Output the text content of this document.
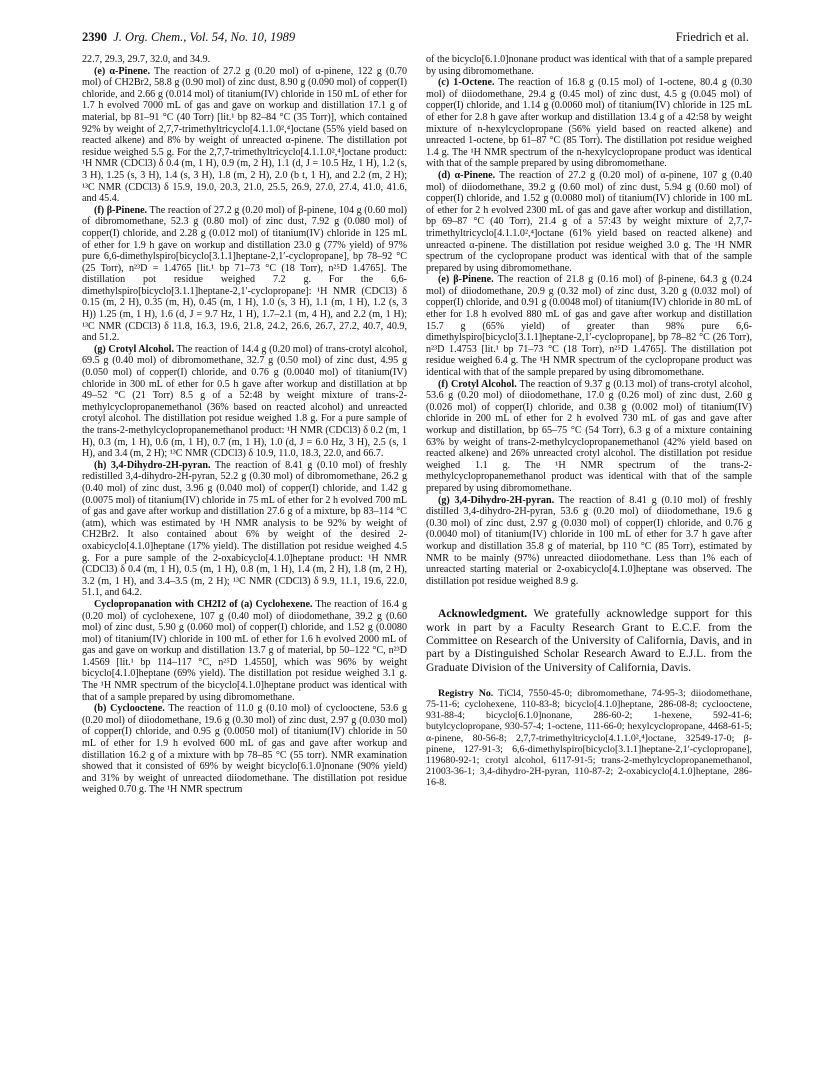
2390 J. Org. Chem., Vol. 54, No. 10, 1989	Friedrich et al.

22.7, 29.3, 29.7, 32.0, and 34.9.

(e) α-Pinene. The reaction of 27.2 g (0.20 mol) of α-pinene, 122 g (0.70 mol) of CH2Br2, 58.8 g (0.90 mol) of zinc dust, 8.90 g (0.090 mol) of copper(I) chloride, and 2.66 g (0.014 mol) of titanium(IV) chloride in 150 mL of ether for 1.7 h evolved 7000 mL of gas and gave on workup and distillation 17.1 g of material, bp 81–91 °C (40 Torr) [lit.¹ bp 82–84 °C (35 Torr)], which contained 92% by weight of 2,7,7-trimethyltricyclo[4.1.1.0²,⁴]octane (55% yield based on reacted alkene) and 8% by weight of unreacted α-pinene. The distillation pot residue weighed 5.5 g. For the 2,7,7-trimethyltricyclo[4.1.1.0²,⁴]octane product: ¹H NMR (CDCl3) δ 0.4 (m, 1 H), 0.9 (m, 2 H), 1.1 (d, J = 10.5 Hz, 1 H), 1.2 (s, 3 H), 1.25 (s, 3 H), 1.4 (s, 3 H), 1.8 (m, 2 H), 2.0 (b t, 1 H), and 2.2 (m, 2 H); ¹³C NMR (CDCl3) δ 15.9, 19.0, 20.3, 21.0, 25.5, 26.9, 27.0, 27.4, 41.0, 41.6, and 45.4.

(f) β-Pinene. The reaction of 27.2 g (0.20 mol) of β-pinene, 104 g (0.60 mol) of dibromomethane, 52.3 g (0.80 mol) of zinc dust, 7.92 g (0.080 mol) of copper(I) chloride, and 2.28 g (0.012 mol) of titanium(IV) chloride in 125 mL of ether for 1.9 h gave on workup and distillation 23.0 g (77% yield) of 97% pure 6,6-dimethylspiro[bicyclo[3.1.1]heptane-2,1′-cyclopropane], bp 78–92 °C (25 Torr), n²³D = 1.4765 [lit.¹ bp 71–73 °C (18 Torr), n²⁵D 1.4765]. The distillation pot residue weighed 7.2 g. For the 6,6-dimethylspiro[bicyclo[3.1.1]heptane-2,1′-cyclopropane]: ¹H NMR (CDCl3) δ 0.15 (m, 2 H), 0.35 (m, H), 0.45 (m, 1 H), 1.0 (s, 3 H), 1.1 (m, 1 H), 1.2 (s, 3 H)) 1.25 (m, 1 H), 1.6 (d, J = 9.7 Hz, 1 H), 1.7–2.1 (m, 4 H), and 2.2 (m, 1 H); ¹³C NMR (CDCl3) δ 11.8, 16.3, 19.6, 21.8, 24.2, 26.6, 26.7, 27.2, 40.7, 40.9, and 51.2.

(g) Crotyl Alcohol. The reaction of 14.4 g (0.20 mol) of trans-crotyl alcohol, 69.5 g (0.40 mol) of dibromomethane, 32.7 g (0.50 mol) of zinc dust, 4.95 g (0.050 mol) of copper(I) chloride, and 0.76 g (0.0040 mol) of titanium(IV) chloride in 300 mL of ether for 0.5 h gave after workup and distillation at bp 49–52 °C (21 Torr) 8.5 g of a 52:48 by weight mixture of trans-2-methylcyclopropanemethanol (36% based on reacted alcohol) and unreacted crotyl alcohol. The distillation pot residue weighed 1.8 g. For a pure sample of the trans-2-methylcyclopropanemethanol product: ¹H NMR (CDCl3) δ 0.2 (m, 1 H), 0.3 (m, 1 H), 0.6 (m, 1 H), 0.7 (m, 1 H), 1.0 (d, J = 6.0 Hz, 3 H), 2.5 (s, 1 H), and 3.4 (m, 2 H); ¹³C NMR (CDCl3) δ 10.9, 11.0, 18.3, 22.0, and 66.7.

(h) 3,4-Dihydro-2H-pyran. The reaction of 8.41 g (0.10 mol) of freshly redistilled 3,4-dihydro-2H-pyran, 52.2 g (0.30 mol) of dibromomethane, 26.2 g (0.40 mol) of zinc dust, 3.96 g (0.040 mol) of copper(I) chloride, and 1.42 g (0.0075 mol) of titanium(IV) chloride in 75 mL of ether for 2 h evolved 700 mL of gas and gave after workup and distillation 27.6 g of a mixture, bp 83–114 °C (atm), which was estimated by ¹H NMR analysis to be 92% by weight of CH2Br2. It also contained about 6% by weight of the desired 2-oxabicyclo[4.1.0]heptane (17% yield). The distillation pot residue weighed 4.5 g. For a pure sample of the 2-oxabicyclo[4.1.0]heptane product: ¹H NMR (CDCl3) δ 0.4 (m, 1 H), 0.5 (m, 1 H), 0.8 (m, 1 H), 1.4 (m, 2 H), 1.8 (m, 2 H), 3.2 (m, 1 H), and 3.4–3.5 (m, 2 H); ¹³C NMR (CDCl3) δ 9.9, 11.1, 19.6, 22.0, 51.1, and 64.2.

Cyclopropanation with CH2I2 of (a) Cyclohexene. The reaction of 16.4 g (0.20 mol) of cyclohexene, 107 g (0.40 mol) of diiodomethane, 39.2 g (0.60 mol) of zinc dust, 5.90 g (0.060 mol) of copper(I) chloride, and 1.52 g (0.0080 mol) of titanium(IV) chloride in 100 mL of ether for 1.6 h evolved 2000 mL of gas and gave on workup and distillation 13.7 g of material, bp 50–122 °C, n²³D 1.4569 [lit.¹ bp 114–117 °C, n²⁵D 1.4550], which was 96% by weight bicyclo[4.1.0]heptane (69% yield). The distillation pot residue weighed 3.1 g. The ¹H NMR spectrum of the bicyclo[4.1.0]heptane product was identical with that of a sample prepared by using dibromomethane.

(b) Cyclooctene. The reaction of 11.0 g (0.10 mol) of cyclooctene, 53.6 g (0.20 mol) of diiodomethane, 19.6 g (0.30 mol) of zinc dust, 2.97 g (0.030 mol) of copper(I) chloride, and 0.95 g (0.0050 mol) of titanium(IV) chloride in 50 mL of ether for 1.9 h evolved 600 mL of gas and gave after workup and distillation 16.2 g of a mixture with bp 78–85 °C (55 torr). NMR examination showed that it consisted of 69% by weight bicyclo[6.1.0]nonane (90% yield) and 31% by weight of unreacted diiodomethane. The distillation pot residue weighed 0.70 g. The ¹H NMR spectrum

of the bicyclo[6.1.0]nonane product was identical with that of a sample prepared by using dibromomethane.

(c) 1-Octene. The reaction of 16.8 g (0.15 mol) of 1-octene, 80.4 g (0.30 mol) of diiodomethane, 29.4 g (0.45 mol) of zinc dust, 4.5 g (0.045 mol) of copper(I) chloride, and 1.14 g (0.0060 mol) of titanium(IV) chloride in 125 mL of ether for 2.8 h gave after workup and distillation 13.4 g of a 42:58 by weight mixture of n-hexylcyclopropane (56% yield based on reacted alkene) and unreacted 1-octene, bp 61–87 °C (85 Torr). The distillation pot residue weighed 1.4 g. The ¹H NMR spectrum of the n-hexylcyclopropane product was identical with that of the sample prepared by using dibromomethane.

(d) α-Pinene. The reaction of 27.2 g (0.20 mol) of α-pinene, 107 g (0.40 mol) of diiodomethane, 39.2 g (0.60 mol) of zinc dust, 5.94 g (0.60 mol) of copper(I) chloride, and 1.52 g (0.0080 mol) of titanium(IV) chloride in 100 mL of ether for 2 h evolved 2300 mL of gas and gave after workup and distillation, bp 69–87 °C (40 Torr), 21.4 g of a 57:43 by weight mixture of 2,7,7-trimethyltricyclo[4.1.1.0²,⁴]octane (61% yield based on reacted alkene) and unreacted α-pinene. The distillation pot residue weighed 3.0 g. The ¹H NMR spectrum of the cyclopropane product was identical with that of the sample prepared by using dibromomethane.

(e) β-Pinene. The reaction of 21.8 g (0.16 mol) of β-pinene, 64.3 g (0.24 mol) of diiodomethane, 20.9 g (0.32 mol) of zinc dust, 3.20 g (0.032 mol) of copper(I) chloride, and 0.91 g (0.0048 mol) of titanium(IV) chloride in 80 mL of ether for 1.8 h evolved 880 mL of gas and gave after workup and distillation 15.7 g (65% yield) of greater than 98% pure 6,6-dimethylspiro[bicyclo[3.1.1]heptane-2,1′-cyclopropane], bp 78–82 °C (26 Torr), n²³D 1.4753 [lit.¹ bp 71–73 °C (18 Torr), n²⁵D 1.4765]. The distillation pot residue weighed 6.4 g. The ¹H NMR spectrum of the cyclopropane product was identical with that of the sample prepared by using dibromomethane.

(f) Crotyl Alcohol. The reaction of 9.37 g (0.13 mol) of trans-crotyl alcohol, 53.6 g (0.20 mol) of diiodomethane, 17.0 g (0.26 mol) of zinc dust, 2.60 g (0.026 mol) of copper(I) chloride, and 0.38 g (0.002 mol) of titanium(IV) chloride in 200 mL of ether for 2 h evolved 730 mL of gas and gave after workup and distillation, bp 65–75 °C (54 Torr), 6.3 g of a mixture containing 63% by weight of trans-2-methylcyclopropanemethanol (42% yield based on reacted alkene) and 26% unreacted crotyl alcohol. The distillation pot residue weighed 1.1 g. The ¹H NMR spectrum of the trans-2-methylcyclopropanemethanol product was identical with that of the sample prepared by using dibromomethane.

(g) 3,4-Dihydro-2H-pyran. The reaction of 8.41 g (0.10 mol) of freshly distilled 3,4-dihydro-2H-pyran, 53.6 g (0.20 mol) of diiodomethane, 19.6 g (0.30 mol) of zinc dust, 2.97 g (0.030 mol) of copper(I) chloride, and 0.76 g (0.0040 mol) of titanium(IV) chloride in 100 mL of ether for 3.7 h gave after workup and distillation 35.8 g of material, bp 110 °C (85 Torr), estimated by NMR to be mainly (97%) unreacted diiodomethane. Less than 1% each of unreacted starting material or 2-oxabicyclo[4.1.0]heptane was observed. The distillation pot residue weighed 8.9 g.

Acknowledgment. We gratefully acknowledge support for this work in part by a Faculty Research Grant to E.C.F. from the Committee on Research of the University of California, Davis, and in part by a Distinguished Scholar Research Award to E.J.L. from the Graduate Division of the University of California, Davis.

Registry No. TiCl4, 7550-45-0; dibromomethane, 74-95-3; diiodomethane, 75-11-6; cyclohexene, 110-83-8; bicyclo[4.1.0]heptane, 286-08-8; cyclooctene, 931-88-4; bicyclo[6.1.0]nonane, 286-60-2; 1-hexene, 592-41-6; butylcyclopropane, 930-57-4; 1-octene, 111-66-0; hexylcyclopropane, 4468-61-5; α-pinene, 80-56-8; 2,7,7-trimethyltricyclo[4.1.1.0²,⁴]octane, 32549-17-0; β-pinene, 127-91-3; 6,6-dimethylspiro[bicyclo[3.1.1]heptane-2,1′-cyclopropane], 119680-92-1; crotyl alcohol, 6117-91-5; trans-2-methylcyclopropanemethanol, 21003-36-1; 3,4-dihydro-2H-pyran, 110-87-2; 2-oxabicyclo[4.1.0]heptane, 286-16-8.
